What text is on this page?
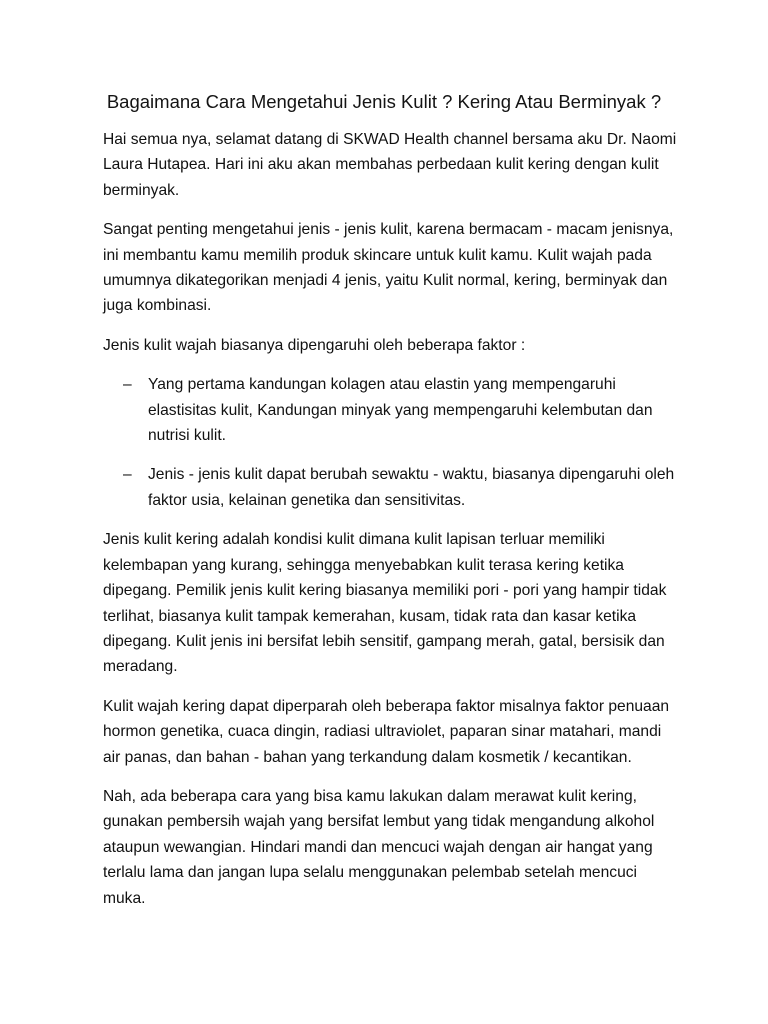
Bagaimana Cara Mengetahui Jenis Kulit ? Kering Atau Berminyak ?

Hai semua nya, selamat datang di SKWAD Health channel bersama aku Dr. Naomi Laura Hutapea. Hari ini aku akan membahas perbedaan kulit kering dengan kulit berminyak.

Sangat penting mengetahui jenis - jenis kulit, karena bermacam - macam jenisnya, ini membantu kamu memilih produk skincare untuk kulit kamu. Kulit wajah pada umumnya dikategorikan menjadi 4 jenis, yaitu Kulit normal, kering, berminyak dan juga kombinasi.

Jenis kulit wajah biasanya dipengaruhi oleh beberapa faktor :

– Yang pertama kandungan kolagen atau elastin yang mempengaruhi elastisitas kulit, Kandungan minyak yang mempengaruhi kelembutan dan nutrisi kulit.
– Jenis - jenis kulit dapat berubah sewaktu - waktu, biasanya dipengaruhi oleh faktor usia, kelainan genetika dan sensitivitas.

Jenis kulit kering adalah kondisi kulit dimana kulit lapisan terluar memiliki kelembapan yang kurang, sehingga menyebabkan kulit terasa kering ketika dipegang. Pemilik jenis kulit kering biasanya memiliki pori - pori yang hampir tidak terlihat, biasanya kulit tampak kemerahan, kusam, tidak rata dan kasar ketika dipegang. Kulit jenis ini bersifat lebih sensitif, gampang merah, gatal, bersisik dan meradang.

Kulit wajah kering dapat diperparah oleh beberapa faktor misalnya faktor penuaan hormon genetika, cuaca dingin, radiasi ultraviolet, paparan sinar matahari, mandi air panas, dan bahan - bahan yang terkandung dalam kosmetik / kecantikan.

Nah, ada beberapa cara yang bisa kamu lakukan dalam merawat kulit kering, gunakan pembersih wajah yang bersifat lembut yang tidak mengandung alkohol ataupun wewangian. Hindari mandi dan mencuci wajah dengan air hangat yang terlalu lama dan jangan lupa selalu menggunakan pelembab setelah mencuci muka.
